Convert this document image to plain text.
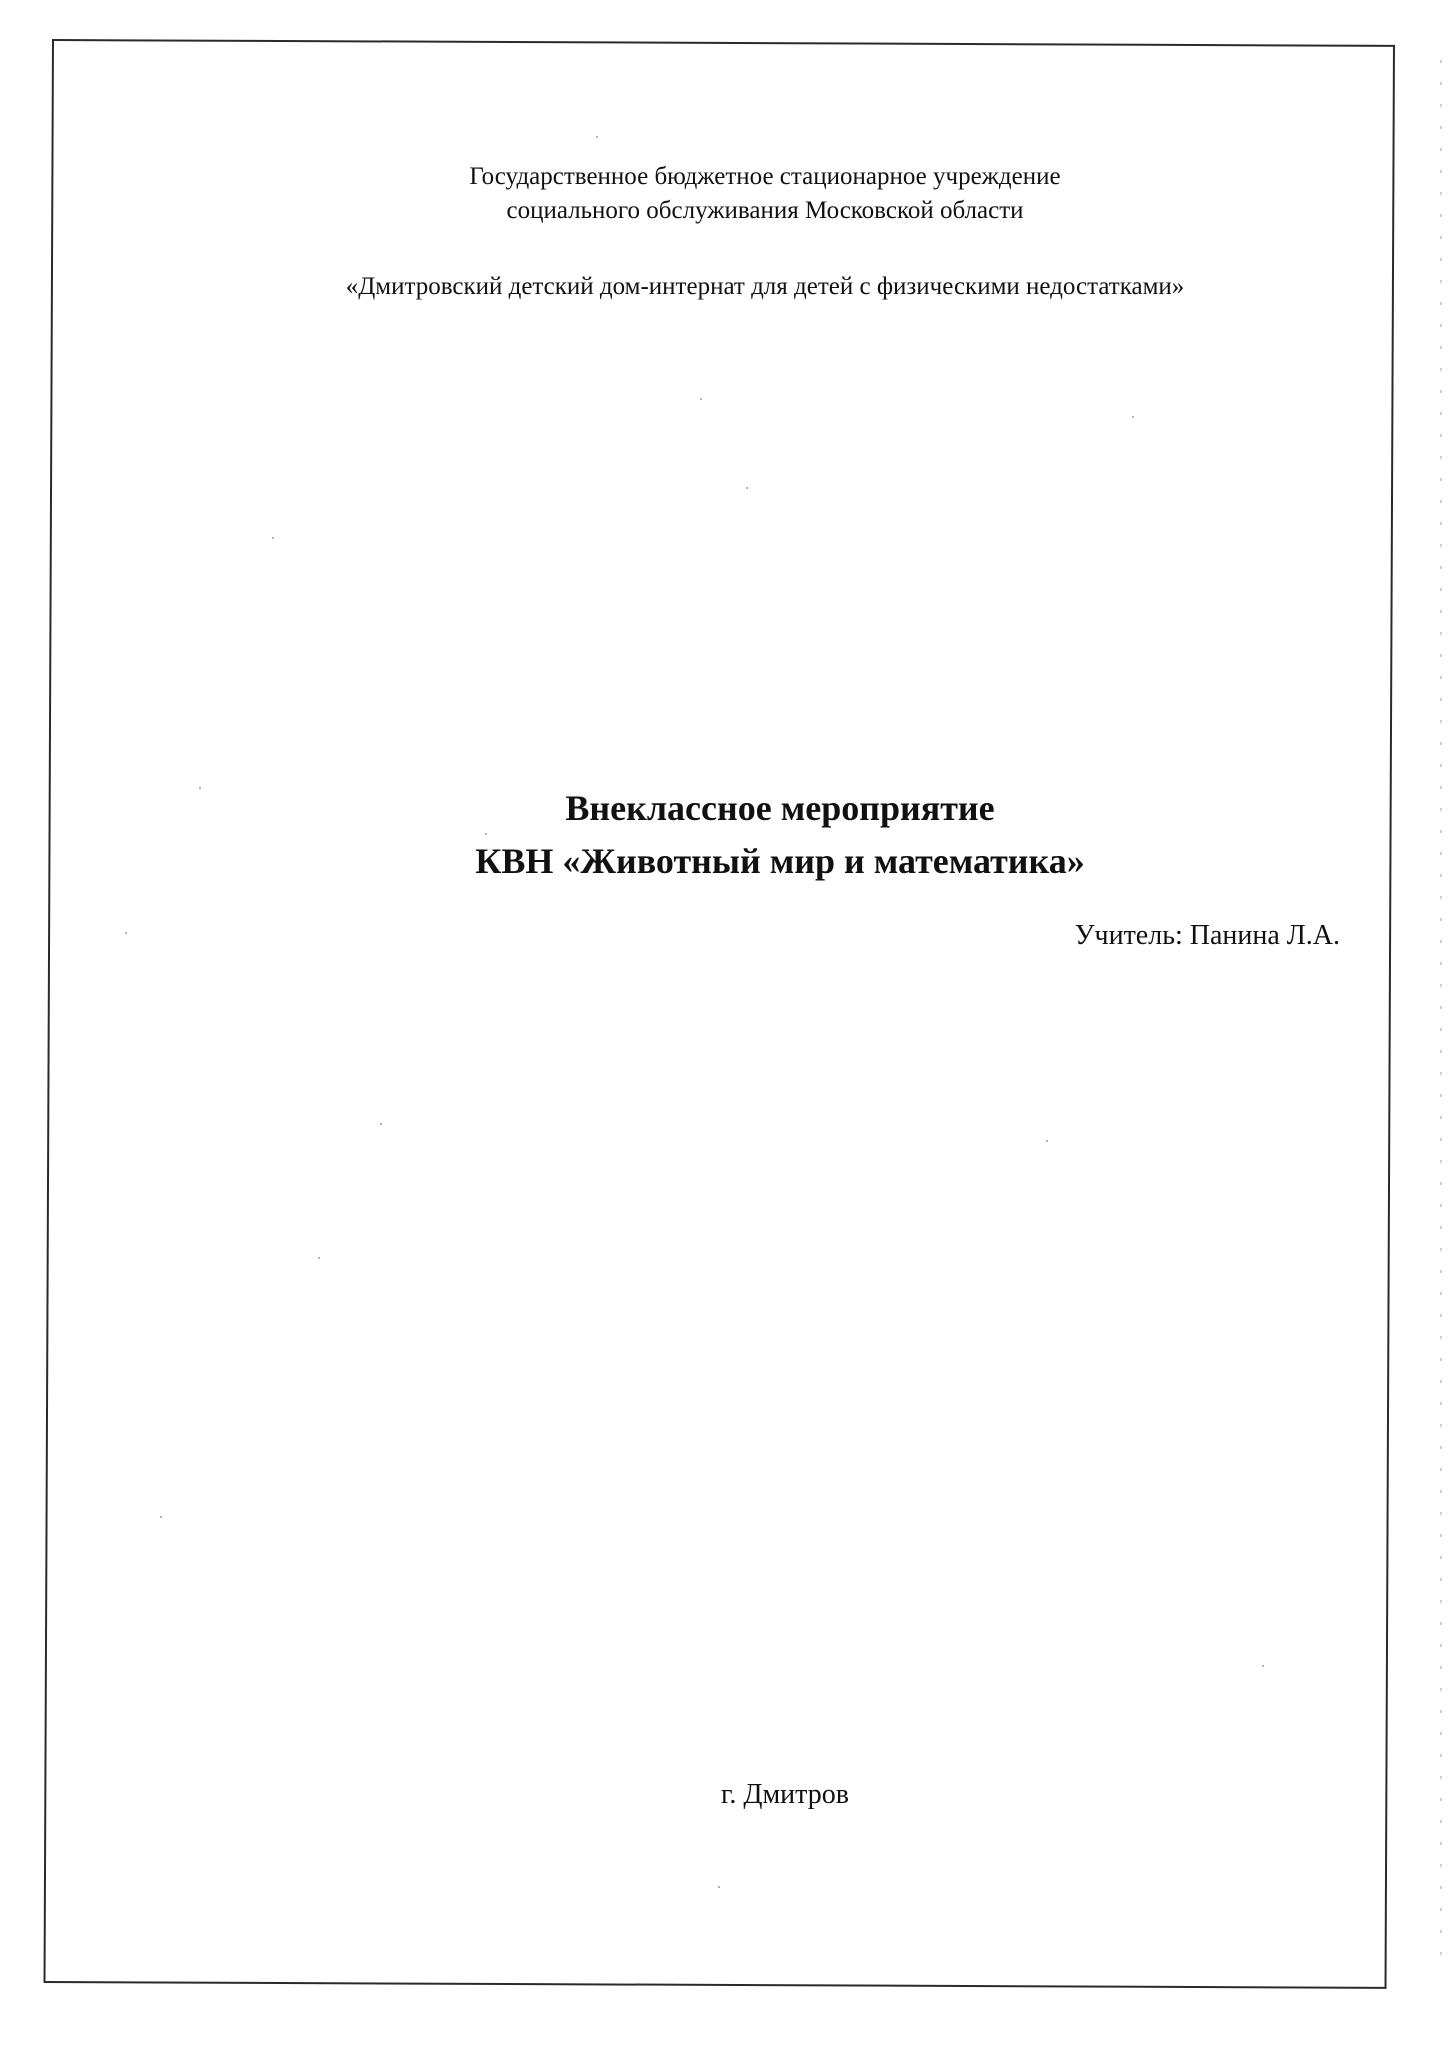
Государственное бюджетное стационарное учреждение
социального обслуживания Московской области
«Дмитровский детский дом-интернат для детей с физическими недостатками»
Внеклассное мероприятие
КВН «Животный мир и математика»
Учитель: Панина Л.А.
г. Дмитров
